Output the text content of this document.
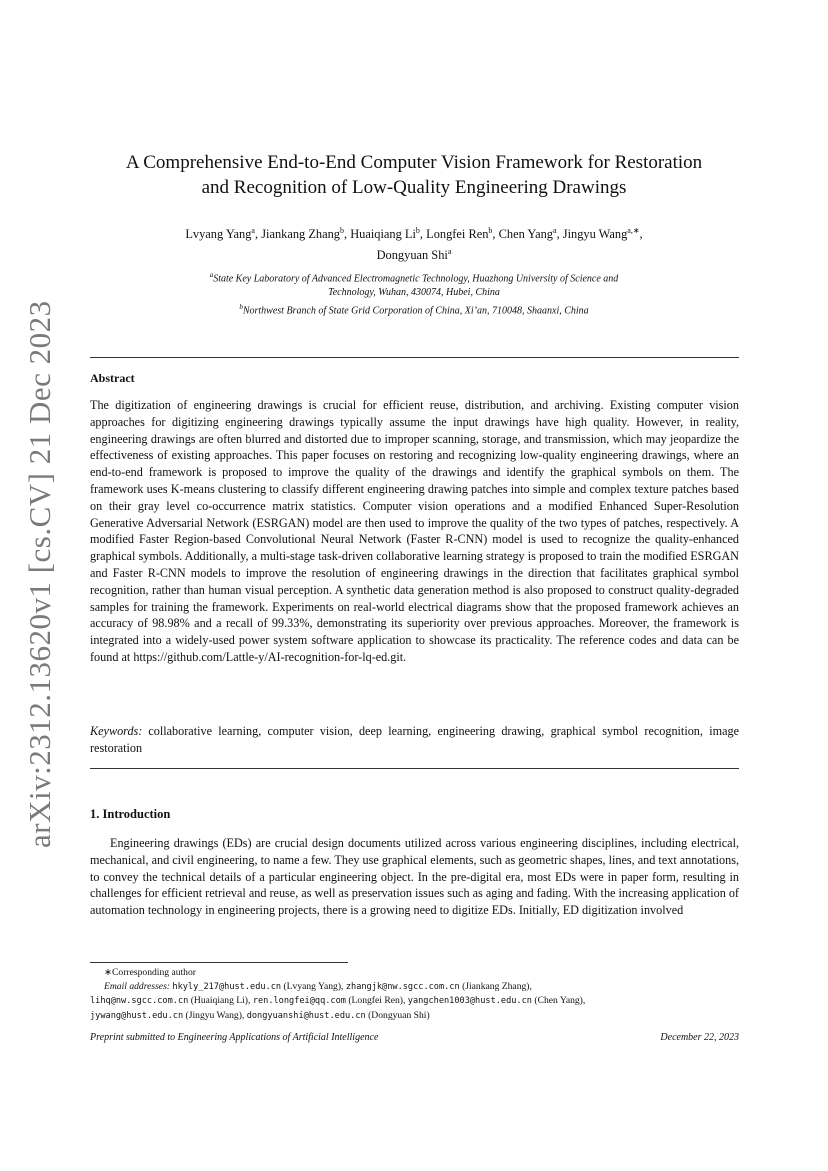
arXiv:2312.13620v1 [cs.CV] 21 Dec 2023
A Comprehensive End-to-End Computer Vision Framework for Restoration
and Recognition of Low-Quality Engineering Drawings
Lvyang Yang$^a$, Jiankang Zhang$^b$, Huaiqiang Li$^b$, Longfei Ren$^b$, Chen Yang$^a$, Jingyu Wang$^{a,∗}$,
Dongyuan Shi$^a$
$^a$State Key Laboratory of Advanced Electromagnetic Technology, Huazhong University of Science and
Technology, Wuhan, 430074, Hubei, China
$^b$Northwest Branch of State Grid Corporation of China, Xi’an, 710048, Shaanxi, China
Abstract
The digitization of engineering drawings is crucial for efficient reuse, distribution, and archiving. Existing computer vision approaches for digitizing engineering drawings typically assume the input drawings have high quality. However, in reality, engineering drawings are often blurred and distorted due to improper scanning, storage, and transmission, which may jeopardize the effectiveness of existing approaches. This paper focuses on restoring and recognizing low-quality engineering drawings, where an end-to-end framework is proposed to improve the quality of the drawings and identify the graphical symbols on them. The framework uses K-means clustering to classify different engineering drawing patches into simple and complex texture patches based on their gray level co-occurrence matrix statistics. Computer vision operations and a modified Enhanced Super-Resolution Generative Adversarial Network (ESRGAN) model are then used to improve the quality of the two types of patches, respectively. A modified Faster Region-based Convolutional Neural Network (Faster R-CNN) model is used to recognize the quality-enhanced graphical symbols. Additionally, a multi-stage task-driven collaborative learning strategy is proposed to train the modified ESRGAN and Faster R-CNN models to improve the resolution of engineering drawings in the direction that facilitates graphical symbol recognition, rather than human visual perception. A synthetic data generation method is also proposed to construct quality-degraded samples for training the framework. Experiments on real-world electrical diagrams show that the proposed framework achieves an accuracy of 98.98% and a recall of 99.33%, demonstrating its superiority over previous approaches. Moreover, the framework is integrated into a widely-used power system software application to showcase its practicality. The reference codes and data can be found at https://github.com/Lattle-y/AI-recognition-for-lq-ed.git.
Keywords: collaborative learning, computer vision, deep learning, engineering drawing, graphical symbol recognition, image restoration
1. Introduction
Engineering drawings (EDs) are crucial design documents utilized across various engineering disciplines, including electrical, mechanical, and civil engineering, to name a few. They use graphical elements, such as geometric shapes, lines, and text annotations, to convey the technical details of a particular engineering object. In the pre-digital era, most EDs were in paper form, resulting in challenges for efficient retrieval and reuse, as well as preservation issues such as aging and fading. With the increasing application of automation technology in engineering projects, there is a growing need to digitize EDs. Initially, ED digitization involved
∗Corresponding author
Email addresses: hkyly_217@hust.edu.cn (Lvyang Yang), zhangjk@nw.sgcc.com.cn (Jiankang Zhang),
lihq@nw.sgcc.com.cn (Huaiqiang Li), ren.longfei@qq.com (Longfei Ren), yangchen1003@hust.edu.cn (Chen Yang),
jywang@hust.edu.cn (Jingyu Wang), dongyuanshi@hust.edu.cn (Dongyuan Shi)
Preprint submitted to Engineering Applications of Artificial Intelligence	December 22, 2023
